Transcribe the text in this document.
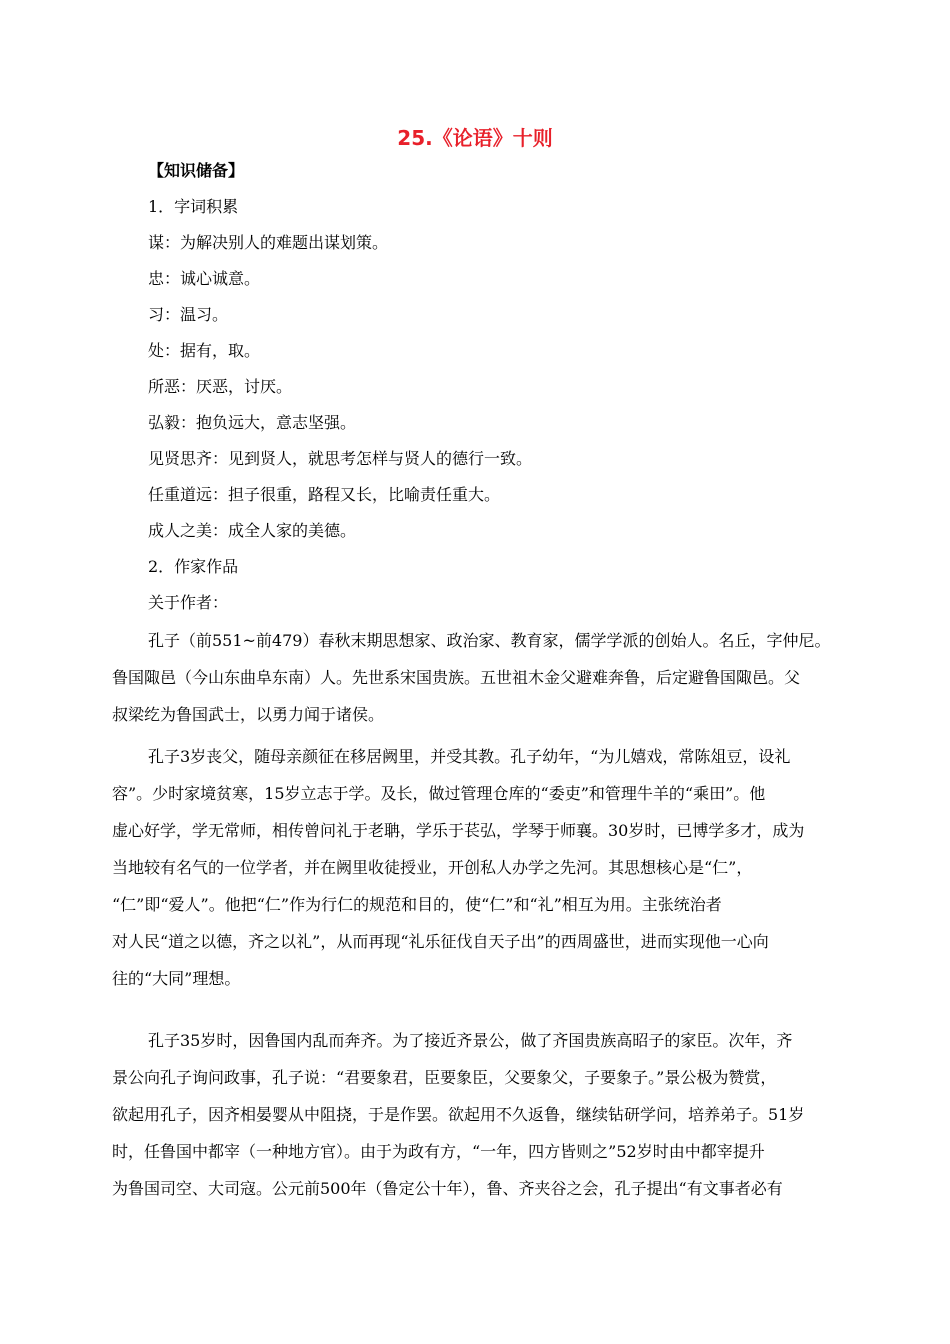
25.《论语》十则
【知识储备】
1．字词积累
谋：为解决别人的难题出谋划策。
忠：诚心诚意。
习：温习。
处：据有，取。
所恶：厌恶，讨厌。
弘毅：抱负远大，意志坚强。
见贤思齐：见到贤人，就思考怎样与贤人的德行一致。
任重道远：担子很重，路程又长，比喻责任重大。
成人之美：成全人家的美德。
2．作家作品
关于作者：
孔子（前551~前479）春秋末期思想家、政治家、教育家，儒学学派的创始人。名丘，字仲尼。
鲁国陬邑（今山东曲阜东南）人。先世系宋国贵族。五世祖木金父避难奔鲁，后定避鲁国陬邑。父
叔梁纥为鲁国武士，以勇力闻于诸侯。
孔子3岁丧父，随母亲颜征在移居阙里，并受其教。孔子幼年，“为儿嬉戏，常陈俎豆，设礼
容”。少时家境贫寒，15岁立志于学。及长，做过管理仓库的“委吏”和管理牛羊的“乘田”。他
虚心好学，学无常师，相传曾问礼于老聃，学乐于苌弘，学琴于师襄。30岁时，已博学多才，成为
当地较有名气的一位学者，并在阙里收徒授业，开创私人办学之先河。其思想核心是“仁”，
“仁”即“爱人”。他把“仁”作为行仁的规范和目的，使“仁”和“礼”相互为用。主张统治者
对人民“道之以德，齐之以礼”，从而再现“礼乐征伐自天子出”的西周盛世，进而实现他一心向
往的“大同”理想。
孔子35岁时，因鲁国内乱而奔齐。为了接近齐景公，做了齐国贵族高昭子的家臣。次年，齐
景公向孔子询问政事，孔子说：“君要象君，臣要象臣，父要象父，子要象子。”景公极为赞赏，
欲起用孔子，因齐相晏婴从中阻挠，于是作罢。欲起用不久返鲁，继续钻研学问，培养弟子。51岁
时，任鲁国中都宰（一种地方官）。由于为政有方，“一年，四方皆则之”52岁时由中都宰提升
为鲁国司空、大司寇。公元前500年（鲁定公十年），鲁、齐夹谷之会，孔子提出“有文事者必有
